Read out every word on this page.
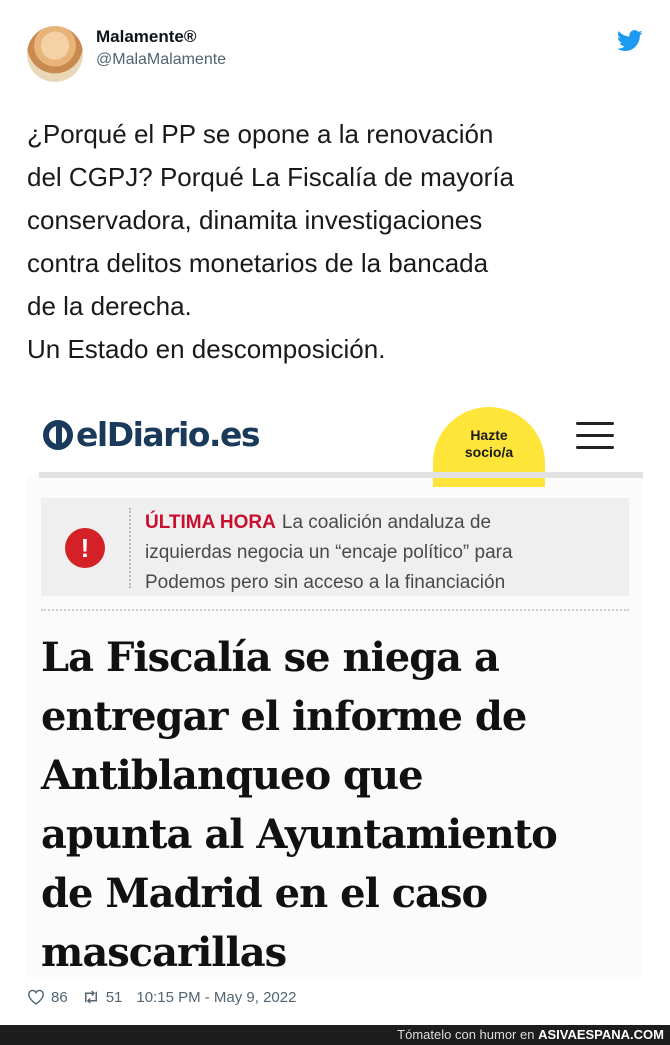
Malamente®
@MalaMalamente

¿Porqué el PP se opone a la renovación

del CGPJ? Porqué La Fiscalía de mayoría

conservadora, dinamita investigaciones

contra delitos monetarios de la bancada

de la derecha.

Un Estado en descomposición.

elDiario.es	Hazte
socio/a
!
ÚLTIMA HORA La coalición andaluza de
izquierdas negocia un “encaje político” para
Podemos pero sin acceso a la financiación

La Fiscalía se niega a

entregar el informe de

Antiblanqueo que

apunta al Ayuntamiento

de Madrid en el caso

mascarillas

86	51 10:15 PM - May 9, 2022
Tómatelo con humor en ASIVAESPANA.COM
